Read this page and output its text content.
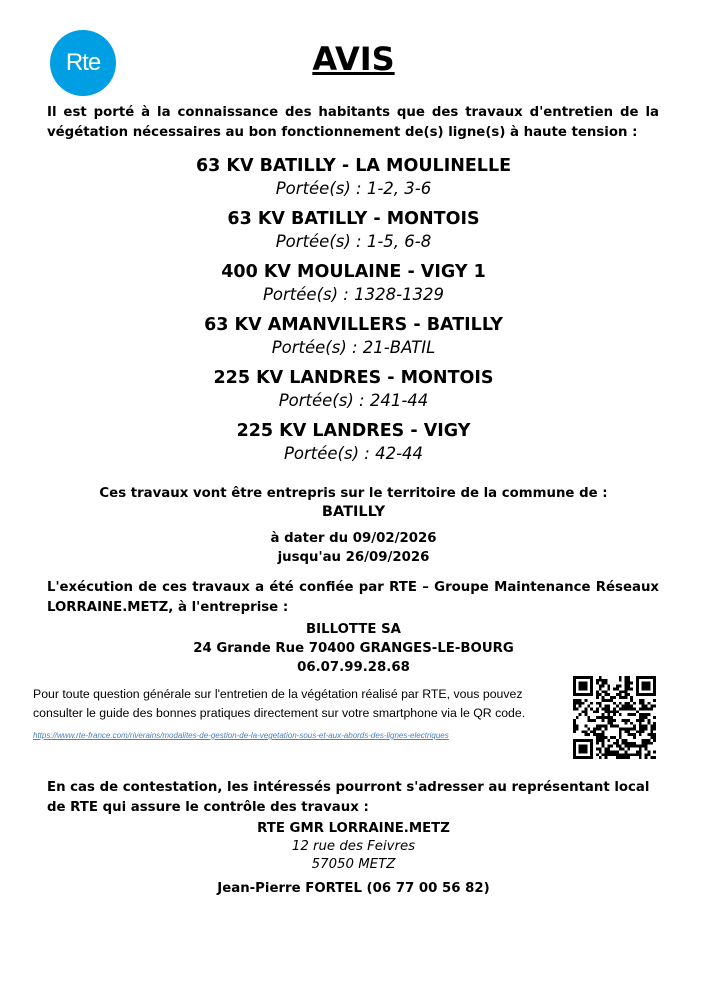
Rte	AVIS
Il est porté à la connaissance des habitants que des travaux d'entretien de la végétation nécessaires au bon fonctionnement de(s) ligne(s) à haute tension :
63 KV BATILLY - LA MOULINELLE
Portée(s) : 1-2, 3-6
63 KV BATILLY - MONTOIS
Portée(s) : 1-5, 6-8
400 KV MOULAINE - VIGY 1
Portée(s) : 1328-1329
63 KV AMANVILLERS - BATILLY
Portée(s) : 21-BATIL
225 KV LANDRES - MONTOIS
Portée(s) : 241-44
225 KV LANDRES - VIGY
Portée(s) : 42-44
Ces travaux vont être entrepris sur le territoire de la commune de :
BATILLY
à dater du 09/02/2026
jusqu'au 26/09/2026
L'exécution de ces travaux a été confiée par RTE – Groupe Maintenance Réseaux LORRAINE.METZ, à l'entreprise :
BILLOTTE SA
24 Grande Rue 70400 GRANGES-LE-BOURG
06.07.99.28.68
Pour toute question générale sur l'entretien de la végétation réalisé par RTE, vous pouvez consulter le guide des bonnes pratiques directement sur votre smartphone via le QR code.
https://www.rte-france.com/riverains/modalites-de-gestion-de-la-vegetation-sous-et-aux-abords-des-lignes-electriques
En cas de contestation, les intéressés pourront s'adresser au représentant local de RTE qui assure le contrôle des travaux :
RTE GMR LORRAINE.METZ
12 rue des Feivres
57050 METZ
Jean-Pierre FORTEL (06 77 00 56 82)
